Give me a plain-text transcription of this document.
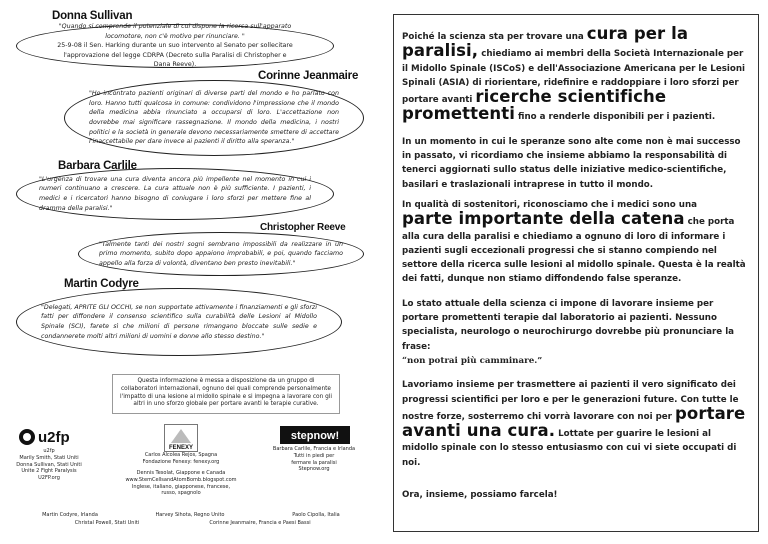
Donna Sullivan
"Quando si comprende il potenziale di cui dispone la ricerca sull'apparato locomotore, non c'è motivo per rinunciare. "
25-9-08 il Sen. Harking durante un suo intervento al Senato per sollecitare l'approvazione del legge CDRPA (Decreto sulla Paralisi di Christopher e Dana Reeve).
Corinne Jeanmaire
"Ho incontrato pazienti originari di diverse parti del mondo e ho parlato con loro. Hanno tutti qualcosa in comune: condividono l'impressione che il mondo della medicina abbia rinunciato a occuparsi di loro. L'accettazione non dovrebbe mai significare rassegnazione. Il mondo della medicina, i nostri politici e la società in generale devono necessariamente smettere di accettare l'inaccettabile per dare invece ai pazienti il diritto alla speranza."
Barbara Carlile
"L'urgenza di trovare una cura diventa ancora più impellente nel momento in cui i numeri continuano a crescere. La cura attuale non è più sufficiente. I pazienti, i medici e i ricercatori hanno bisogno di coniugare i loro sforzi per mettere fine al dramma della paralisi."
Christopher Reeve
"Talmente tanti dei nostri sogni sembrano impossibili da realizzare in un primo momento, subito dopo appaiono improbabili, e poi, quando facciamo appello alla forza di volontà, diventano ben presto inevitabili."
Martin Codyre
"Delegati, APRITE GLI OCCHI, se non supportate attivamente i finanziamenti e gli sforzi fatti per diffondere il consenso scientifico sulla curabilità delle Lesioni al Midollo Spinale (SCI), farete sì che milioni di persone rimangano bloccate sulle sedie e condannerete molti altri milioni di uomini e donne allo stesso destino."
Questa informazione è messa a disposizione da un gruppo di collaboratori internazionali, ognuno dei quali comprende personalmente l'impatto di una lesione al midollo spinale e si impegna a lavorare con gli altri in uno sforzo globale per portare avanti le terapie curative.
u2fp
u2fp
Marily Smith, Stati Uniti
Donna Sullivan, Stati Uniti
Unite 2 Fight Paralysis
U2FP.org
FENEXY
Carlos Alcolea Rejos, Spagna
Fondazione Fenexy: fenexy.org
stepnow!
Barbara Carlile, Francia e Irlanda
Tutti in piedi per
fermare la paralisi
Stepnow.org
Dennis Tesolat, Giappone e Canada
www.StemCellsandAtomBomb.blogspot.com
Inglese, italiano, giapponese, francese,
russo, spagnolo
Martin Codyre, Irlanda	Harvey Sihota, Regno Unito	Paolo Cipolla, Italia
Christal Powell, Stati Uniti	Corinne Jeanmaire, Francia e Paesi Bassi

Poiché la scienza sta per trovare una cura per la paralisi, chiediamo ai membri della Società Internazionale per il Midollo Spinale (ISCoS) e dell'Associazione Americana per le Lesioni Spinali (ASIA) di riorientare, ridefinire e raddoppiare i loro sforzi per portare avanti ricerche scientifiche promettenti fino a renderle disponibili per i pazienti.

In un momento in cui le speranze sono alte come non è mai successo in passato, vi ricordiamo che insieme abbiamo la responsabilità di tenerci aggiornati sullo status delle iniziative medico-scientifiche, basilari e traslazionali intraprese in tutto il mondo.

In qualità di sostenitori, riconosciamo che i medici sono una parte importante della catena che porta alla cura della paralisi e chiediamo a ognuno di loro di informare i pazienti sugli eccezionali progressi che si stanno compiendo nel settore della ricerca sulle lesioni al midollo spinale. Questa è la realtà dei fatti, dunque non stiamo diffondendo false speranze.

Lo stato attuale della scienza ci impone di lavorare insieme per portare promettenti terapie dal laboratorio ai pazienti. Nessuno specialista, neurologo o neurochirurgo dovrebbe più pronunciare la frase:

“non potrai più camminare.”

Lavoriamo insieme per trasmettere ai pazienti il vero significato dei progressi scientifici per loro e per le generazioni future. Con tutte le nostre forze, sosterremo chi vorrà lavorare con noi per portare avanti una cura. Lottate per guarire le lesioni al midollo spinale con lo stesso entusiasmo con cui vi siete occupati di noi.

Ora, insieme, possiamo farcela!
